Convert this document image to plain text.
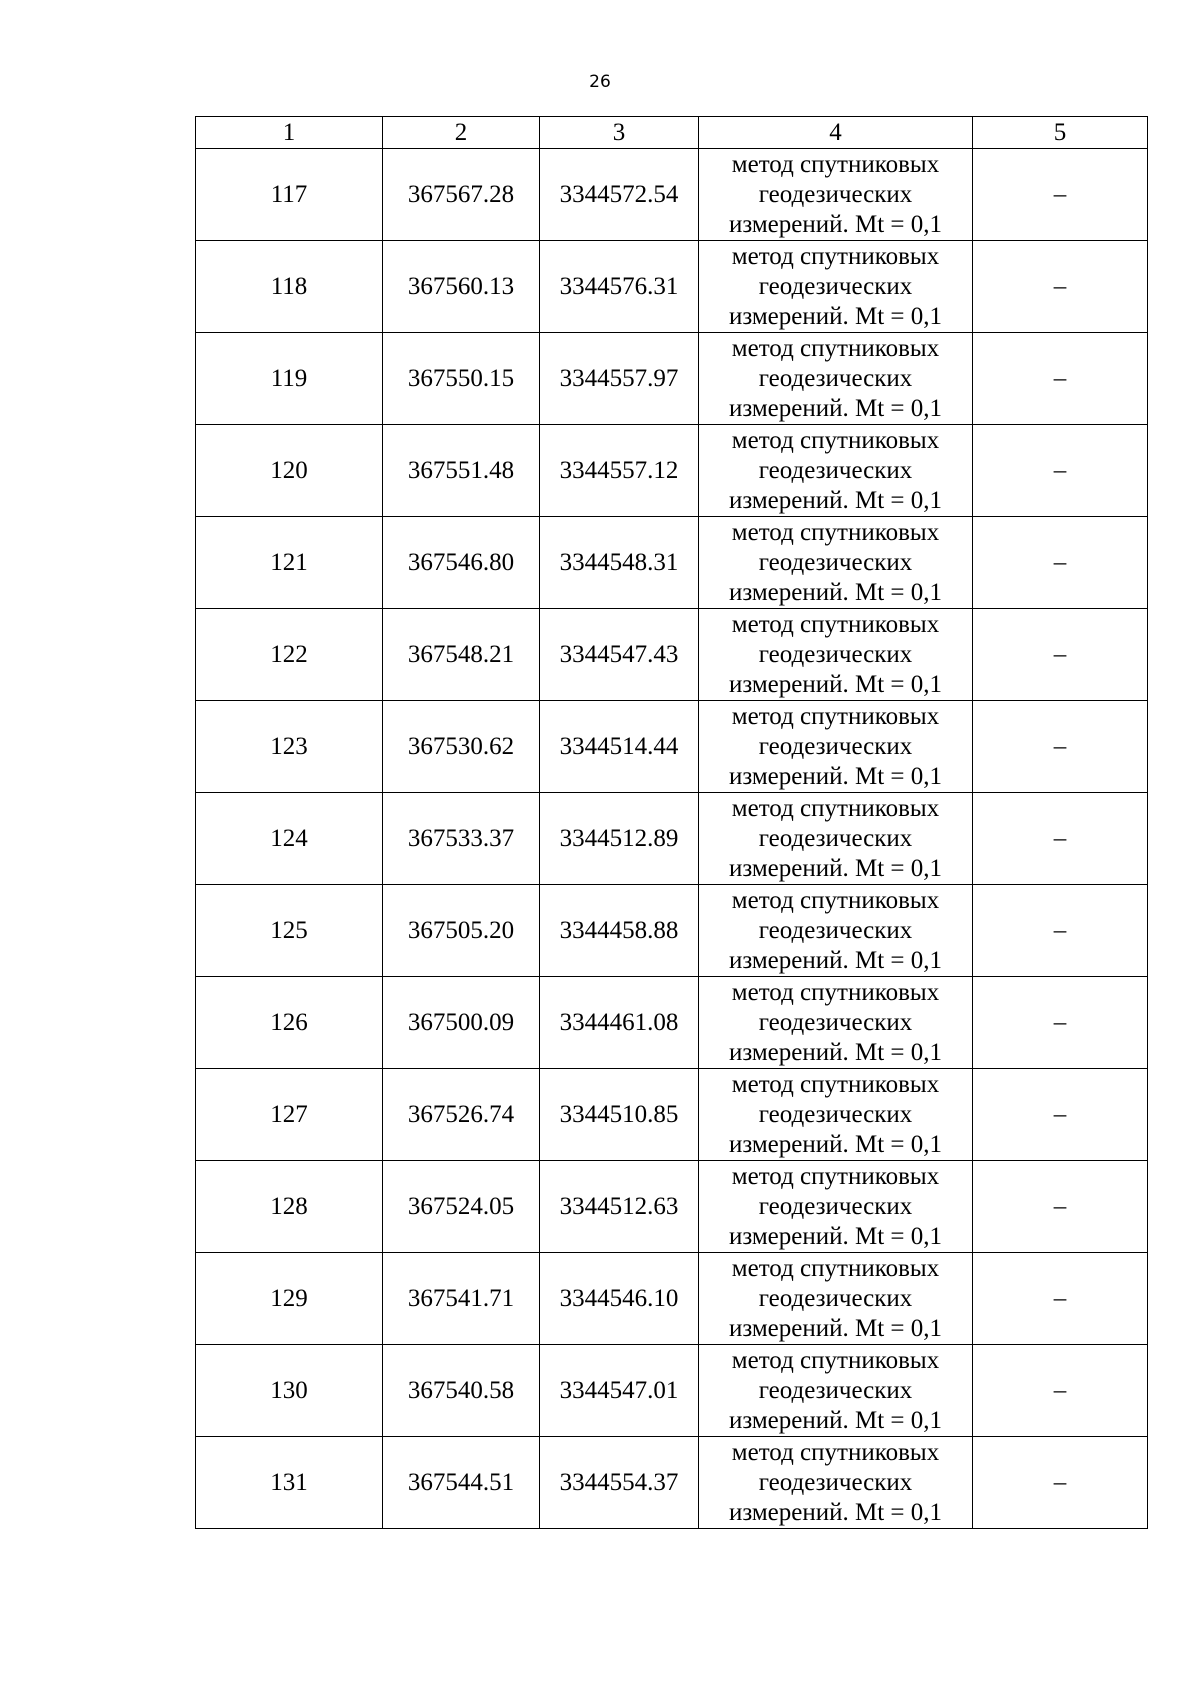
26
1	2	3	4	5
117	367567.28	3344572.54	метод спутниковых
геодезических
измерений. Mt = 0,1	–
118	367560.13	3344576.31	метод спутниковых
геодезических
измерений. Mt = 0,1	–
119	367550.15	3344557.97	метод спутниковых
геодезических
измерений. Mt = 0,1	–
120	367551.48	3344557.12	метод спутниковых
геодезических
измерений. Mt = 0,1	–
121	367546.80	3344548.31	метод спутниковых
геодезических
измерений. Mt = 0,1	–
122	367548.21	3344547.43	метод спутниковых
геодезических
измерений. Mt = 0,1	–
123	367530.62	3344514.44	метод спутниковых
геодезических
измерений. Mt = 0,1	–
124	367533.37	3344512.89	метод спутниковых
геодезических
измерений. Mt = 0,1	–
125	367505.20	3344458.88	метод спутниковых
геодезических
измерений. Mt = 0,1	–
126	367500.09	3344461.08	метод спутниковых
геодезических
измерений. Mt = 0,1	–
127	367526.74	3344510.85	метод спутниковых
геодезических
измерений. Mt = 0,1	–
128	367524.05	3344512.63	метод спутниковых
геодезических
измерений. Mt = 0,1	–
129	367541.71	3344546.10	метод спутниковых
геодезических
измерений. Mt = 0,1	–
130	367540.58	3344547.01	метод спутниковых
геодезических
измерений. Mt = 0,1	–
131	367544.51	3344554.37	метод спутниковых
геодезических
измерений. Mt = 0,1	–
